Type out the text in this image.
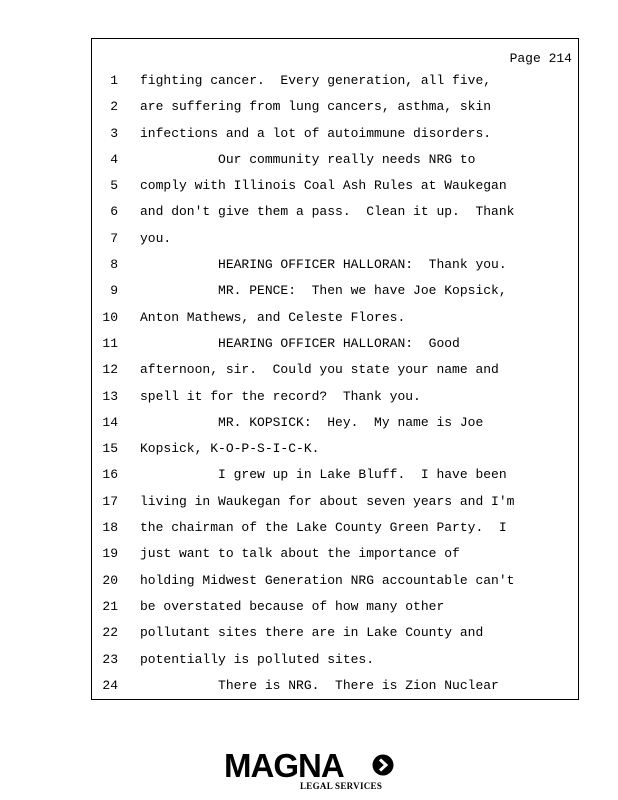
Page 214
1 fighting cancer.  Every generation, all five,
2 are suffering from lung cancers, asthma, skin
3 infections and a lot of autoimmune disorders.
4 Our community really needs NRG to
5 comply with Illinois Coal Ash Rules at Waukegan
6 and don't give them a pass.  Clean it up.  Thank
7 you.
8 HEARING OFFICER HALLORAN:  Thank you.
9 MR. PENCE:  Then we have Joe Kopsick,
10 Anton Mathews, and Celeste Flores.
11 HEARING OFFICER HALLORAN:  Good
12 afternoon, sir.  Could you state your name and
13 spell it for the record?  Thank you.
14 MR. KOPSICK:  Hey.  My name is Joe
15 Kopsick, K-O-P-S-I-C-K.
16 I grew up in Lake Bluff.  I have been
17 living in Waukegan for about seven years and I'm
18 the chairman of the Lake County Green Party.  I
19 just want to talk about the importance of
20 holding Midwest Generation NRG accountable can't
21 be overstated because of how many other
22 pollutant sites there are in Lake County and
23 potentially is polluted sites.
24 There is NRG.  There is Zion Nuclear
MAGNA
LEGAL SERVICES
